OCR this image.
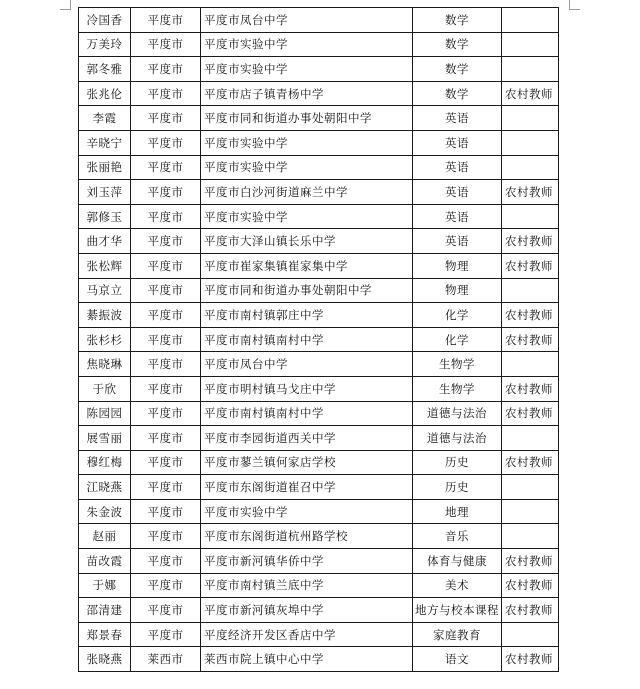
冷国香	平度市	平度市凤台中学	数学	
万美玲	平度市	平度市实验中学	数学	
郭冬雅	平度市	平度市实验中学	数学	
张兆伦	平度市	平度市店子镇青杨中学	数学	农村教师
李霞	平度市	平度市同和街道办事处朝阳中学	英语	
辛晓宁	平度市	平度市实验中学	英语	
张丽艳	平度市	平度市实验中学	英语	
刘玉萍	平度市	平度市白沙河街道麻兰中学	英语	农村教师
郭修玉	平度市	平度市实验中学	英语	
曲才华	平度市	平度市大泽山镇长乐中学	英语	农村教师
张松辉	平度市	平度市崔家集镇崔家集中学	物理	农村教师
马京立	平度市	平度市同和街道办事处朝阳中学	物理	
綦振波	平度市	平度市南村镇郭庄中学	化学	农村教师
张杉杉	平度市	平度市南村镇南村中学	化学	农村教师
焦晓琳	平度市	平度市凤台中学	生物学	
于欣	平度市	平度市明村镇马戈庄中学	生物学	农村教师
陈园园	平度市	平度市南村镇南村中学	道德与法治	农村教师
展雪丽	平度市	平度市李园街道西关中学	道德与法治	
穆红梅	平度市	平度市蓼兰镇何家店学校	历史	农村教师
江晓燕	平度市	平度市东阁街道崔召中学	历史	
朱金波	平度市	平度市实验中学	地理	
赵丽	平度市	平度市东阁街道杭州路学校	音乐	
苗改霞	平度市	平度市新河镇华侨中学	体育与健康	农村教师
于娜	平度市	平度市南村镇兰底中学	美术	农村教师
邵清建	平度市	平度市新河镇灰埠中学	地方与校本课程	农村教师
郑景春	平度市	平度经济开发区香店中学	家庭教育	
张晓燕	莱西市	莱西市院上镇中心中学	语文	农村教师
